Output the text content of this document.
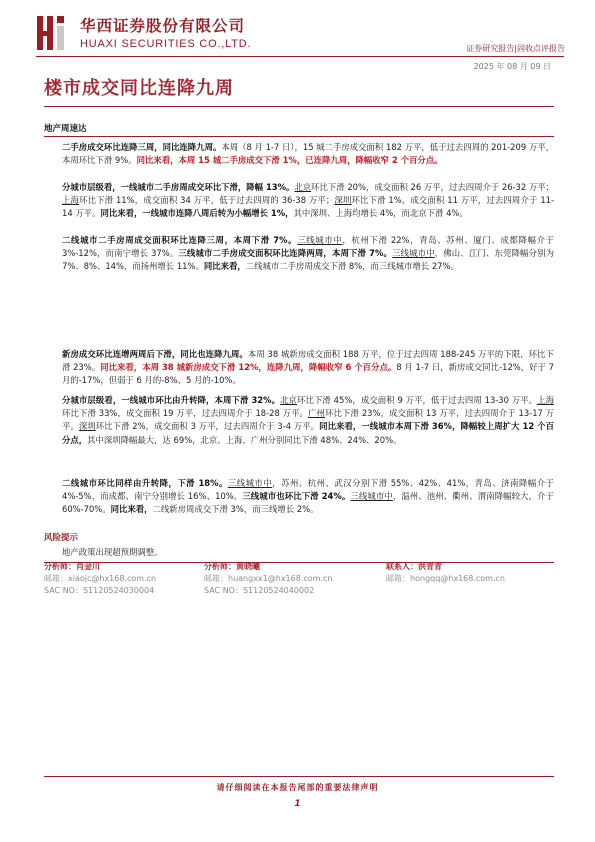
华西证券股份有限公司
HUAXI SECURITIES CO.,LTD.	证券研究报告|固收点评报告
2025 年 08 月 09 日
楼市成交同比连降九周
地产周速达
二手房成交环比连降三周，同比连降九周。本周（8 月 1-7 日），15 城二手房成交面积 182 万平，低于过去四周的 201-209 万平，本周环比下滑 9%。同比来看，本周 15 城二手房成交下滑 1%，已连降九周，降幅收窄 2 个百分点。
分城市层级看，一线城市二手房周成交环比下滑，降幅 13%。北京环比下滑 20%，成交面积 26 万平，过去四周介于 26-32 万平；上海环比下滑 11%，成交面积 34 万平，低于过去四周的 36-38 万平；深圳环比下滑 1%，成交面积 11 万平，过去四周介于 11-14 万平。同比来看，一线城市连降八周后转为小幅增长 1%，其中深圳、上海均增长 4%，而北京下滑 4%。
二线城市二手房周成交面积环比连降三周，本周下滑 7%。三线城市中，杭州下滑 22%，青岛、苏州、厦门、成都降幅介于 3%-12%，而南宁增长 37%。三线城市二手房成交面积环比连降两周，本周下滑 7%。三线城市中，佛山、江门、东莞降幅分别为 7%、8%、14%，而扬州增长 11%。同比来看，二线城市二手房周成交下滑 8%，而三线城市增长 27%。
新房成交环比连增两周后下滑，同比也连降九周。本周 38 城新房成交面积 188 万平，位于过去四周 188-245 万平的下限，环比下滑 23%。同比来看，本周 38 城新房成交下滑 12%，连降九周，降幅收窄 6 个百分点。8 月 1-7 日，新房成交同比-12%，好于 7 月的-17%，但弱于 6 月的-8%、5 月的-10%。
分城市层级看，一线城市环比由升转降，本周下滑 32%。北京环比下滑 45%，成交面积 9 万平，低于过去四周 13-30 万平。上海环比下滑 33%，成交面积 19 万平，过去四周介于 18-28 万平。广州环比下滑 23%，成交面积 13 万平，过去四周介于 13-17 万平。深圳环比下滑 2%，成交面积 3 万平，过去四周介于 3-4 万平。同比来看，一线城市本周下滑 36%，降幅较上周扩大 12 个百分点，其中深圳降幅最大，达 69%，北京、上海、广州分别同比下滑 48%、24%、20%。
二线城市环比同样由升转降，下滑 18%。三线城市中，苏州、杭州、武汉分别下滑 55%、42%、41%，青岛、济南降幅介于 4%-5%，而成都、南宁分别增长 16%、10%。三线城市也环比下滑 24%。三线城市中，温州、池州、衢州、渭南降幅较大，介于 60%-70%。同比来看，二线新房周成交下滑 3%，而三线增长 2%。
风险提示
地产政策出现超预期调整。
分析师：肖金川
邮箱：xiaojc@hx168.com.cn
SAC NO：S1120524030004
分析师：黄晓曦
邮箱：huangxx1@hx168.com.cn
SAC NO：S1120524040002
联系人：洪青青
邮箱：hongqq@hx168.com.cn
请仔细阅读在本报告尾部的重要法律声明
1
